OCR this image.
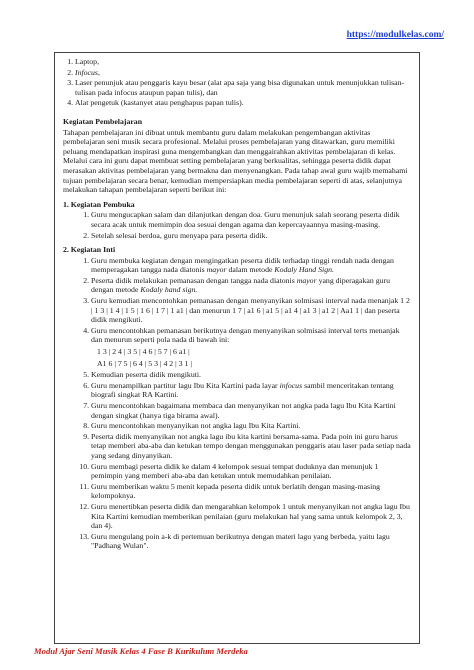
https://modulkelas.com/
1. Laptop,
2. Infocus,
3. Laser penunjuk atau penggaris kayu besar (alat apa saja yang bisa digunakan untuk menunjukkan tulisan-tulisan pada infocus ataupun papan tulis), dan
4. Alat pengetuk (kastanyet atau penghapus papan tulis).
Kegiatan Pembelajaran

Tahapan pembelajaran ini dibuat untuk membantu guru dalam melakukan pengembangan aktivitas pembelajaran seni musik secara profesional. Melalui proses pembelajaran yang ditawarkan, guru memiliki peluang mendapatkan inspirasi guna mengembangkan dan menggairahkan aktivitas pembelajaran di kelas. Melalui cara ini guru dapat membuat setting pembelajaran yang berkualitas, sehingga peserta didik dapat merasakan aktivitas pembelajaran yang bermakna dan menyenangkan. Pada tahap awal guru wajib memahami tujuan pembelajaran secara benar, kemudian mempersiapkan media pembelajaran seperti di atas, selanjutnya melakukan tahapan pembelajaran seperti berikut ini:

1. Kegiatan Pembuka
1. Guru mengucapkan salam dan dilanjutkan dengan doa. Guru menunjuk salah seorang peserta didik secara acak untuk memimpin doa sesuai dengan agama dan kepercayaannya masing-masing.
2. Setelah selesai berdoa, guru menyapa para peserta didik.
2. Kegiatan Inti
1. Guru membuka kegiatan dengan mengingatkan peserta didik terhadap tinggi rendah nada dengan memperagakan tangga nada diatonis mayor dalam metode Kodaly Hand Sign.
2. Peserta didik melakukan pemanasan dengan tangga nada diatonis mayor yang diperagakan guru dengan metode Kodaly hand sign.
3. Guru kemudian mencontohkan pemanasan dengan menyanyikan solmisasi interval nada menanjak 1 2 | 1 3 | 1 4 | 1 5 | 1 6 | 1 7 | 1 a1 | dan menurun 1 7 | a1 6 | a1 5 | a1 4 | a1 3 | a1 2 | Aa1 1 | dan peserta didik mengikuti.
4. Guru mencontohkan pemanasan berikutnya dengan menyanyikan solmisasi interval terts menanjak dan menurun seperti pola nada di bawah ini:
1 3 | 2 4 | 3 5 | 4 6 | 5 7 | 6 a1 |
A1 6 | 7 5 | 6 4 | 5 3 | 4 2 | 3 1 |
5. Kemudian peserta didik mengikuti.
6. Guru menampilkan partitur lagu Ibu Kita Kartini pada layar infocus sambil menceritakan tentang biografi singkat RA Kartini.
7. Guru mencontohkan bagaimana membaca dan menyanyikan not angka pada lagu Ibu Kita Kartini dengan singkat (hanya tiga birama awal).
8. Guru mencontohkan menyanyikan not angka lagu Ibu Kita Kartini.
9. Peserta didik menyanyikan not angka lagu ibu kita kartini bersama-sama. Pada poin ini guru harus tetap memberi aba-aba dan ketukan tempo dengan menggunakan penggaris atau laser pada setiap nada yang sedang dinyanyikan.
10. Guru membagi peserta didik ke dalam 4 kelompok sesuai tempat duduknya dan menunjuk 1 pemimpin yang memberi aba-aba dan ketukan untuk memudahkan penilaian.
11. Guru memberikan waktu 5 menit kepada peserta didik untuk berlatih dengan masing-masing kelompoknya.
12. Guru menertibkan peserta didik dan mengarahkan kelompok 1 untuk menyanyikan not angka lagu Ibu Kita Kartini kemudian memberikan penilaian (guru melakukan hal yang sama untuk kelompok 2, 3, dan 4).
13. Guru mengulang poin a-k di pertemuan berikutnya dengan materi lagu yang berbeda, yaitu lagu "Padhang Wulan".
Modul Ajar Seni Musik Kelas 4 Fase B Kurikulum Merdeka
